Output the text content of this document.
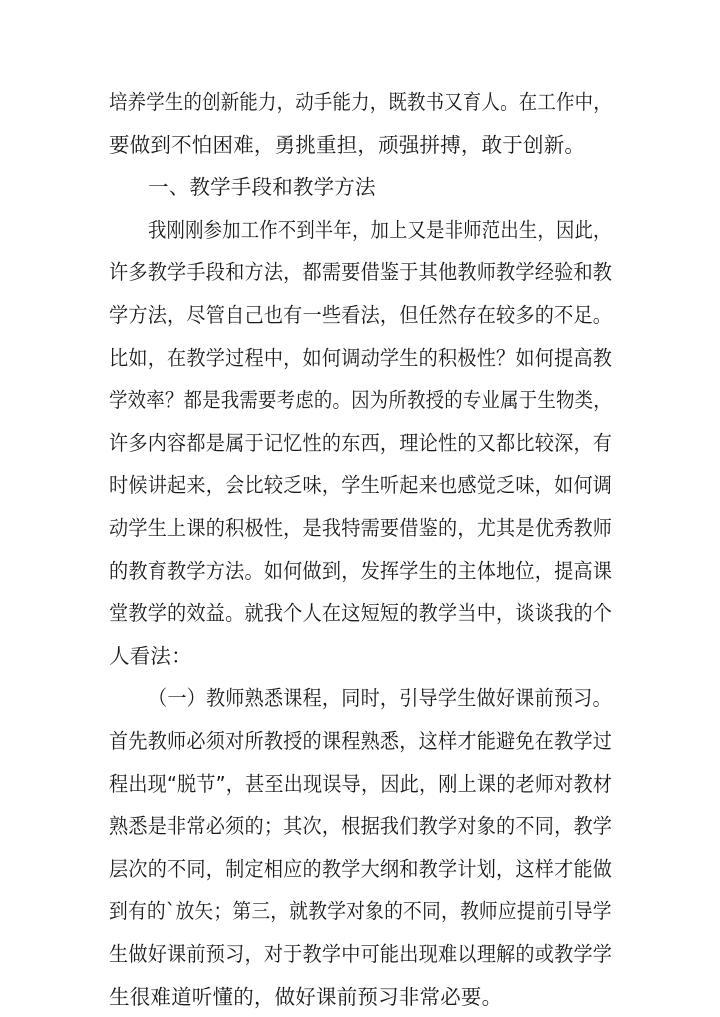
培养学生的创新能力，动手能力，既教书又育人。在工作中，
要做到不怕困难，勇挑重担，顽强拼搏，敢于创新。
一、教学手段和教学方法
我刚刚参加工作不到半年，加上又是非师范出生，因此，
许多教学手段和方法，都需要借鉴于其他教师教学经验和教
学方法，尽管自己也有一些看法，但任然存在较多的不足。
比如，在教学过程中，如何调动学生的积极性？如何提高教
学效率？都是我需要考虑的。因为所教授的专业属于生物类，
许多内容都是属于记忆性的东西，理论性的又都比较深，有
时候讲起来，会比较乏味，学生听起来也感觉乏味，如何调
动学生上课的积极性，是我特需要借鉴的，尤其是优秀教师
的教育教学方法。如何做到，发挥学生的主体地位，提高课
堂教学的效益。就我个人在这短短的教学当中，谈谈我的个
人看法：
（一）教师熟悉课程，同时，引导学生做好课前预习。
首先教师必须对所教授的课程熟悉，这样才能避免在教学过
程出现“脱节”，甚至出现误导，因此，刚上课的老师对教材
熟悉是非常必须的；其次，根据我们教学对象的不同，教学
层次的不同，制定相应的教学大纲和教学计划，这样才能做
到有的`放矢；第三，就教学对象的不同，教师应提前引导学
生做好课前预习，对于教学中可能出现难以理解的或教学学
生很难道听懂的，做好课前预习非常必要。
